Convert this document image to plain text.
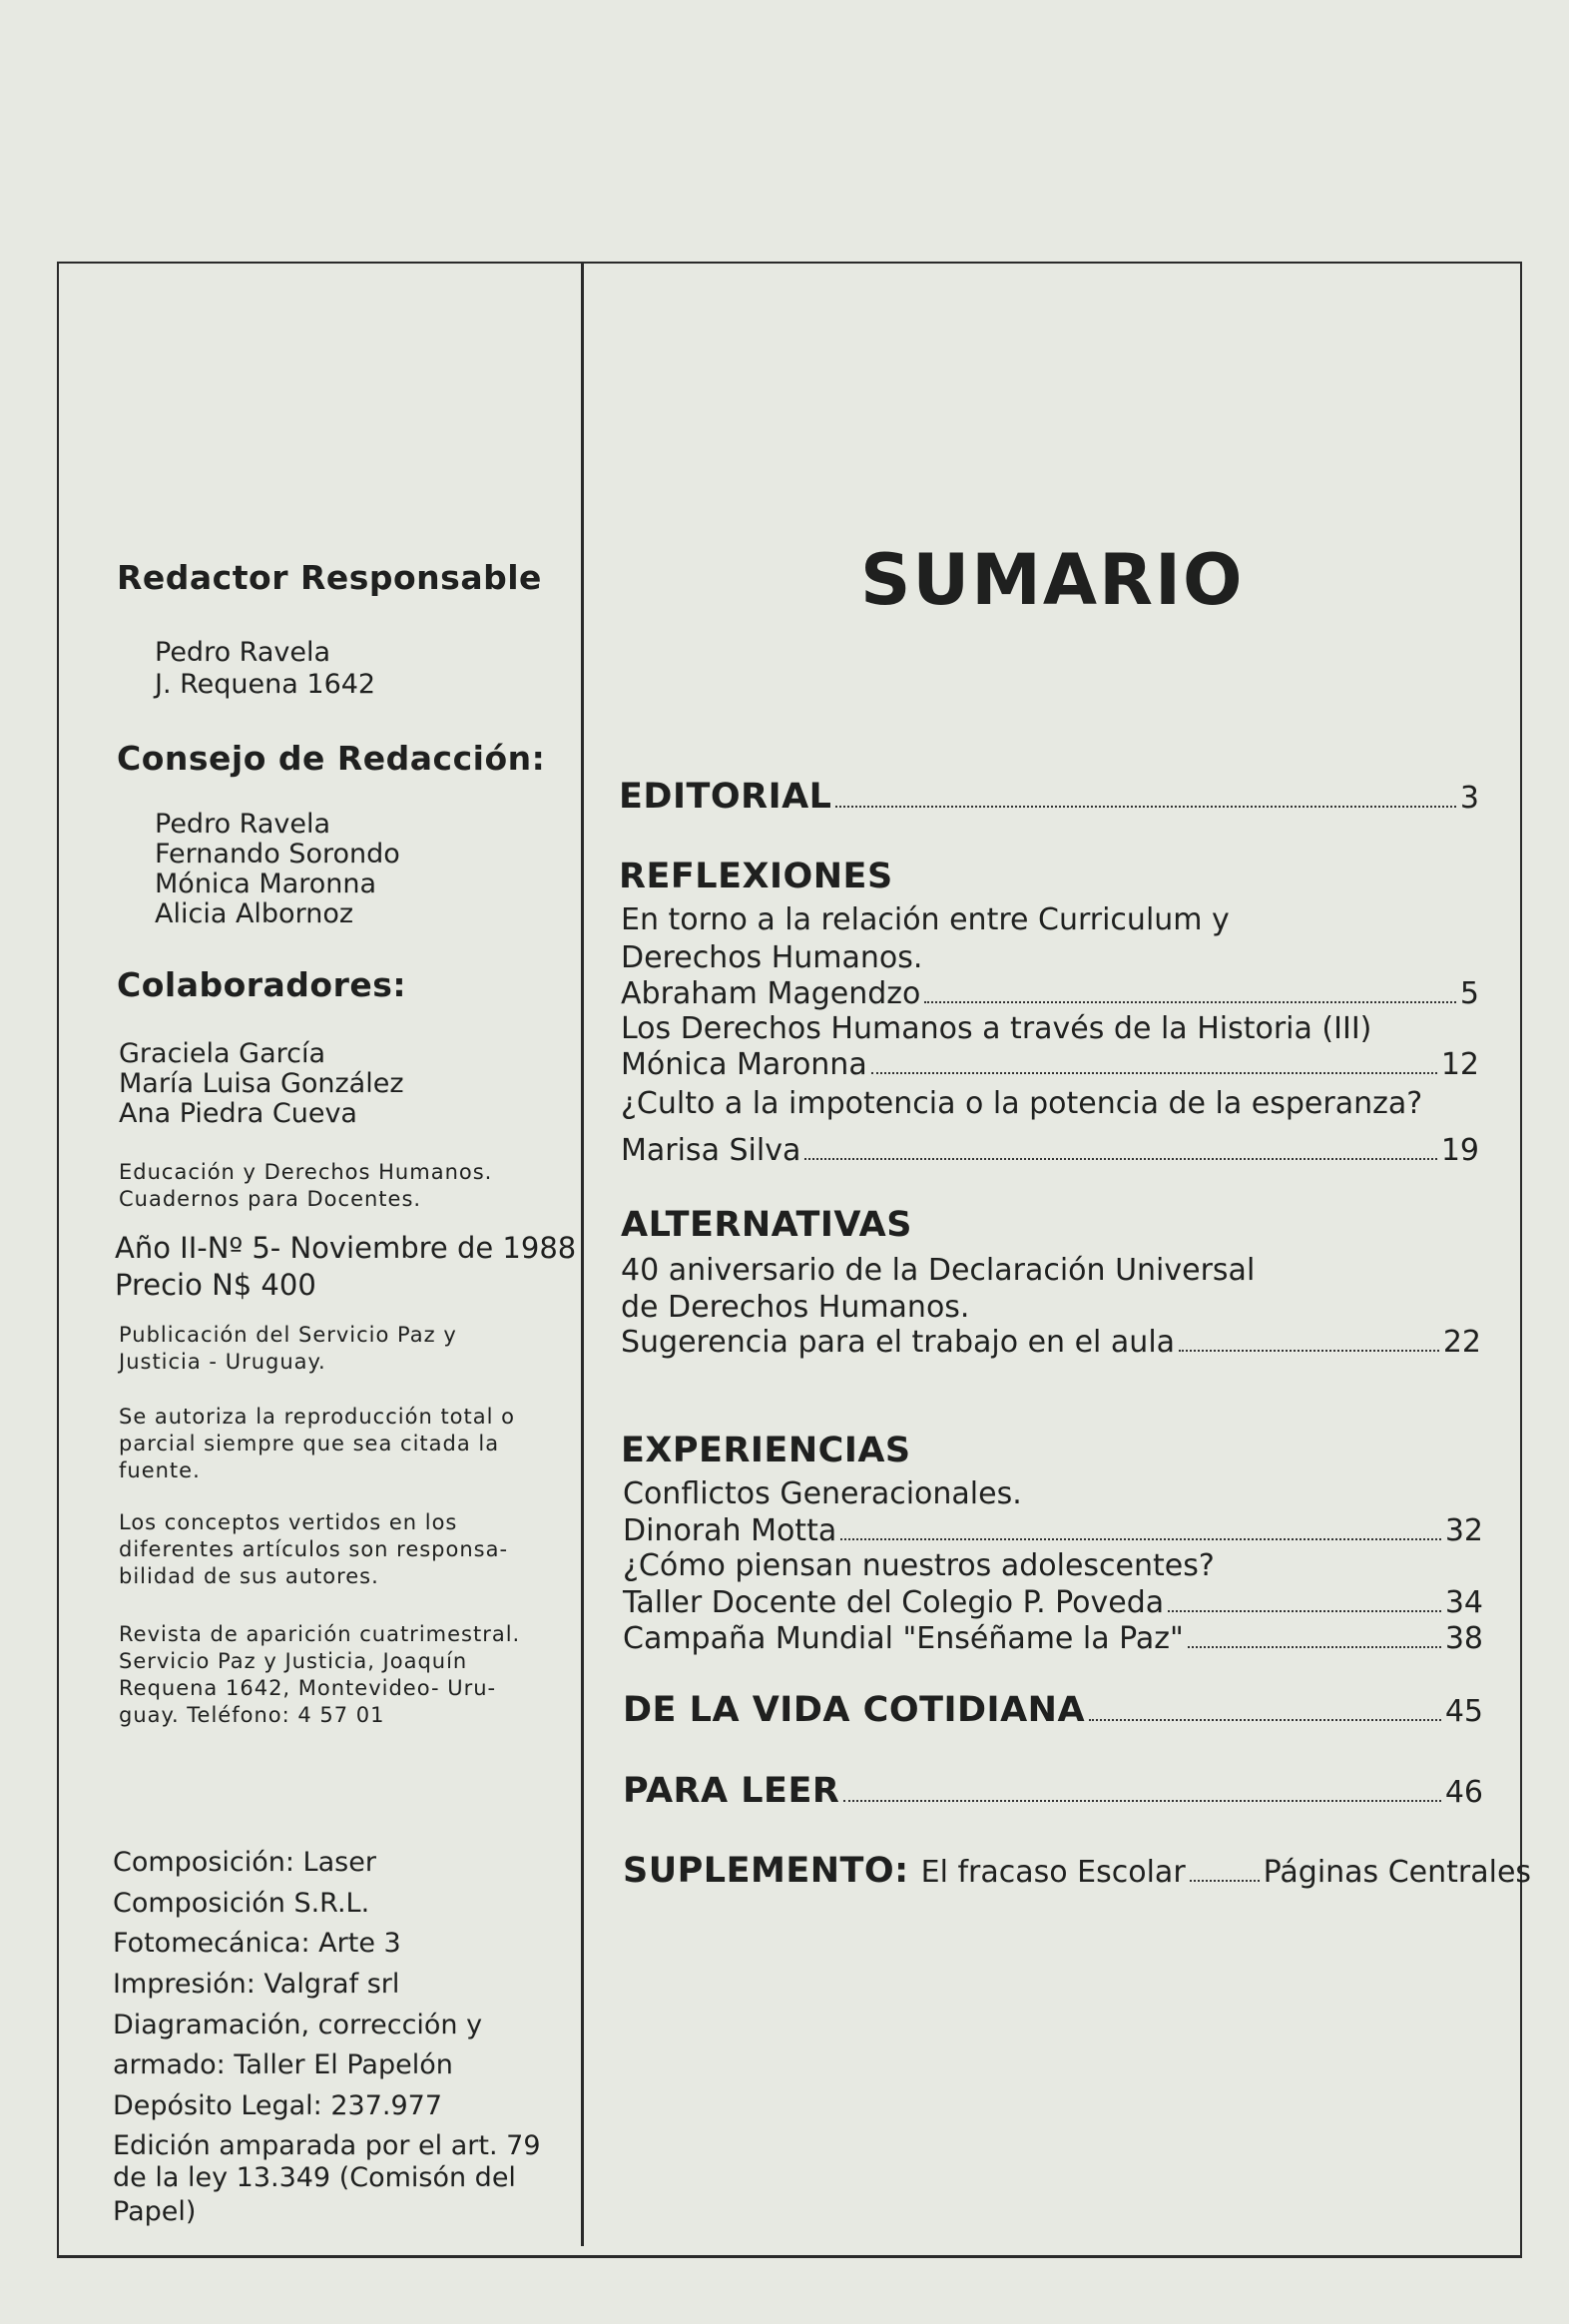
Redactor Responsable
Pedro Ravela
J. Requena 1642
Consejo de Redacción:
Pedro Ravela
Fernando Sorondo
Mónica Maronna
Alicia Albornoz
Colaboradores:
Graciela García
María Luisa González
Ana Piedra Cueva
Educación y Derechos Humanos.
Cuadernos para Docentes.
Año II-Nº 5- Noviembre de 1988
Precio N$ 400
Publicación del Servicio Paz y
Justicia - Uruguay.
Se autoriza la reproducción total o
parcial siempre que sea citada la
fuente.
Los conceptos vertidos en los
diferentes artículos son responsa-
bilidad de sus autores.
Revista de aparición cuatrimestral.
Servicio Paz y Justicia, Joaquín
Requena 1642, Montevideo- Uru-
guay. Teléfono: 4 57 01
Composición: Laser
Composición S.R.L.
Fotomecánica: Arte 3
Impresión: Valgraf srl
Diagramación, corrección y
armado: Taller El Papelón
Depósito Legal: 237.977
Edición amparada por el art. 79
de la ley 13.349 (Comisón del
Papel)
SUMARIO
EDITORIAL	3
REFLEXIONES
En torno a la relación entre Curriculum y
Derechos Humanos.
Abraham Magendzo	5
Los Derechos Humanos a través de la Historia (III)
Mónica Maronna	12
¿Culto a la impotencia o la potencia de la esperanza?
Marisa Silva	19
ALTERNATIVAS
40 aniversario de la Declaración Universal
de Derechos Humanos.
Sugerencia para el trabajo en el aula	22
EXPERIENCIAS
Conflictos Generacionales.
Dinorah Motta	32
¿Cómo piensan nuestros adolescentes?
Taller Docente del Colegio P. Poveda	34
Campaña Mundial "Enséñame la Paz"	38
DE LA VIDA COTIDIANA	45
PARA LEER	46
SUPLEMENTO: El fracaso Escolar	Páginas Centrales
